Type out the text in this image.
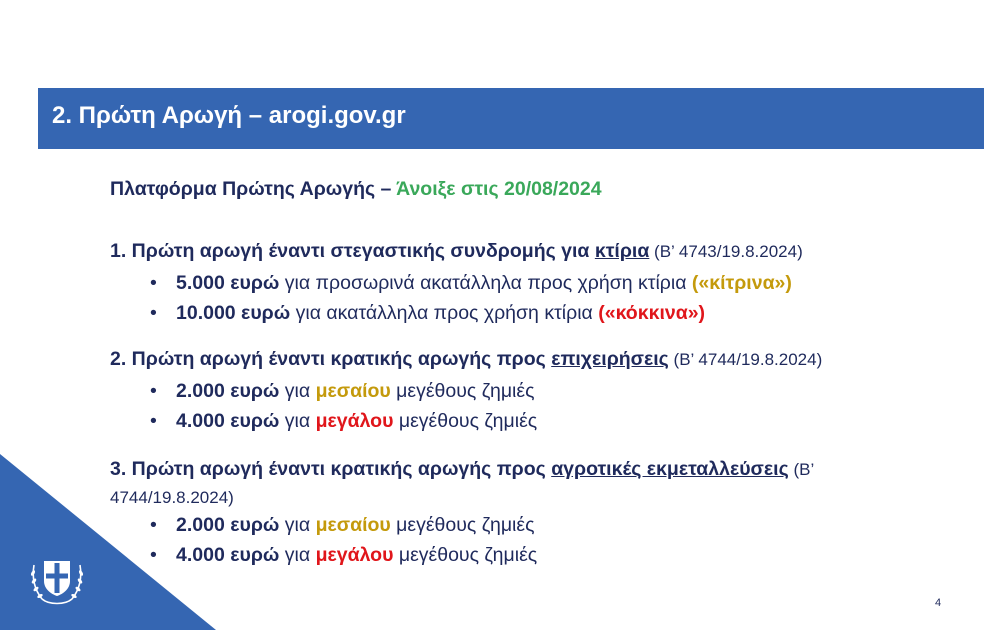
2. Πρώτη Αρωγή – arogi.gov.gr
Πλατφόρμα Πρώτης Αρωγής – Άνοιξε στις 20/08/2024
1. Πρώτη αρωγή έναντι στεγαστικής συνδρομής για κτίρια (Β’ 4743/19.8.2024)
• 5.000 ευρώ για προσωρινά ακατάλληλα προς χρήση κτίρια («κίτρινα»)
• 10.000 ευρώ για ακατάλληλα προς χρήση κτίρια («κόκκινα»)
2. Πρώτη αρωγή έναντι κρατικής αρωγής προς επιχειρήσεις (Β’ 4744/19.8.2024)
• 2.000 ευρώ για μεσαίου μεγέθους ζημιές
• 4.000 ευρώ για μεγάλου μεγέθους ζημιές
3. Πρώτη αρωγή έναντι κρατικής αρωγής προς αγροτικές εκμεταλλεύσεις (Β’
4744/19.8.2024)
• 2.000 ευρώ για μεσαίου μεγέθους ζημιές
• 4.000 ευρώ για μεγάλου μεγέθους ζημιές
4
